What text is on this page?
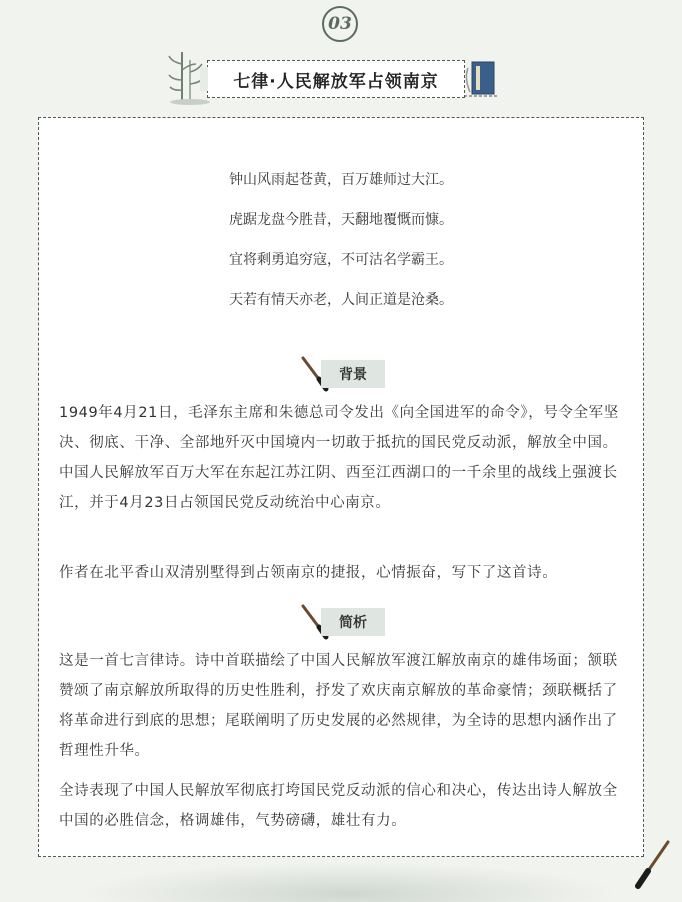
03
七律·人民解放军占领南京
钟山风雨起苍黄，百万雄师过大江。
虎踞龙盘今胜昔，天翻地覆慨而慷。
宜将剩勇追穷寇，不可沽名学霸王。
天若有情天亦老，人间正道是沧桑。
背景

1949年4月21日，毛泽东主席和朱德总司令发出《向全国进军的命令》，号令全军坚决、彻底、干净、全部地歼灭中国境内一切敢于抵抗的国民党反动派，解放全中国。中国人民解放军百万大军在东起江苏江阴、西至江西湖口的一千余里的战线上强渡长江，并于4月23日占领国民党反动统治中心南京。

作者在北平香山双清别墅得到占领南京的捷报，心情振奋，写下了这首诗。

简析

这是一首七言律诗。诗中首联描绘了中国人民解放军渡江解放南京的雄伟场面；颔联赞颂了南京解放所取得的历史性胜利，抒发了欢庆南京解放的革命豪情；颈联概括了将革命进行到底的思想；尾联阐明了历史发展的必然规律，为全诗的思想内涵作出了哲理性升华。

全诗表现了中国人民解放军彻底打垮国民党反动派的信心和决心，传达出诗人解放全中国的必胜信念，格调雄伟，气势磅礴，雄壮有力。
